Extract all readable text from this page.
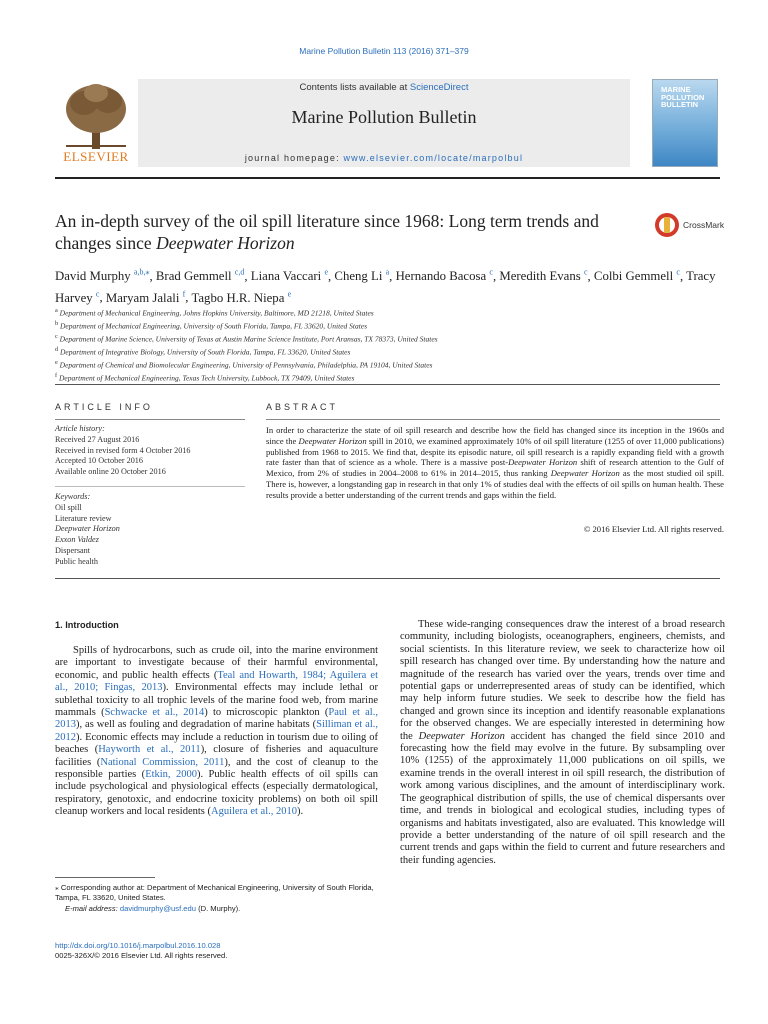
Marine Pollution Bulletin 113 (2016) 371–379
ELSEVIER
Contents lists available at ScienceDirect
Marine Pollution Bulletin
journal homepage: www.elsevier.com/locate/marpolbul
MARINE
POLLUTION
BULLETIN
An in-depth survey of the oil spill literature since 1968: Long term trends and changes since Deepwater Horizon
CrossMark
David Murphy $^{a,b,⁎}$, Brad Gemmell $^{c,d}$, Liana Vaccari $^e$, Cheng Li $^a$, Hernando Bacosa $^c$, Meredith Evans $^c$, Colbi Gemmell $^c$, Tracy Harvey $^c$, Maryam Jalali $^f$, Tagbo H.R. Niepa $^e$
$^a$ Department of Mechanical Engineering, Johns Hopkins University, Baltimore, MD 21218, United States
$^b$ Department of Mechanical Engineering, University of South Florida, Tampa, FL 33620, United States
$^c$ Department of Marine Science, University of Texas at Austin Marine Science Institute, Port Aransas, TX 78373, United States
$^d$ Department of Integrative Biology, University of South Florida, Tampa, FL 33620, United States
$^e$ Department of Chemical and Biomolecular Engineering, University of Pennsylvania, Philadelphia, PA 19104, United States
$^f$ Department of Mechanical Engineering, Texas Tech University, Lubbock, TX 79409, United States
ARTICLE INFO	ABSTRACT
Article history:
Received 27 August 2016
Received in revised form 4 October 2016
Accepted 10 October 2016
Available online 20 October 2016
Keywords:
Oil spill
Literature review
Deepwater Horizon
Exxon Valdez
Dispersant
Public health
In order to characterize the state of oil spill research and describe how the field has changed since its inception in the 1960s and since the Deepwater Horizon spill in 2010, we examined approximately 10% of oil spill literature (1255 of over 11,000 publications) published from 1968 to 2015. We find that, despite its episodic nature, oil spill research is a rapidly expanding field with a growth rate faster than that of science as a whole. There is a massive post-Deepwater Horizon shift of research attention to the Gulf of Mexico, from 2% of studies in 2004–2008 to 61% in 2014–2015, thus ranking Deepwater Horizon as the most studied oil spill. There is, however, a longstanding gap in research in that only 1% of studies deal with the effects of oil spills on human health. These results provide a better understanding of the current trends and gaps within the field.
© 2016 Elsevier Ltd. All rights reserved.
1. Introduction
Spills of hydrocarbons, such as crude oil, into the marine environment are important to investigate because of their harmful environmental, economic, and public health effects (Teal and Howarth, 1984; Aguilera et al., 2010; Fingas, 2013). Environmental effects may include lethal or sublethal toxicity to all trophic levels of the marine food web, from marine mammals (Schwacke et al., 2014) to microscopic plankton (Paul et al., 2013), as well as fouling and degradation of marine habitats (Silliman et al., 2012). Economic effects may include a reduction in tourism due to oiling of beaches (Hayworth et al., 2011), closure of fisheries and aquaculture facilities (National Commission, 2011), and the cost of cleanup to the responsible parties (Etkin, 2000). Public health effects of oil spills can include psychological and physiological effects (especially dermatological, respiratory, genotoxic, and endocrine toxicity problems) on both oil spill cleanup workers and local residents (Aguilera et al., 2010).
These wide-ranging consequences draw the interest of a broad research community, including biologists, oceanographers, engineers, chemists, and social scientists. In this literature review, we seek to characterize how oil spill research has changed over time. By understanding how the nature and magnitude of the research has varied over the years, trends over time and potential gaps or underrepresented areas of study can be identified, which may help inform future studies. We seek to describe how the field has changed and grown since its inception and identify reasonable explanations for the observed changes. We are especially interested in determining how the Deepwater Horizon accident has changed the field since 2010 and forecasting how the field may evolve in the future. By subsampling over 10% (1255) of the approximately 11,000 publications on oil spills, we examine trends in the overall interest in oil spill research, the distribution of work among various disciplines, and the amount of interdisciplinary work. The geographical distribution of spills, the use of chemical dispersants over time, and trends in biological and ecological studies, including types of organisms and habitats investigated, also are evaluated. This knowledge will provide a better understanding of the nature of oil spill research and the current trends and gaps within the field to current and future researchers and their funding agencies.
⁎ Corresponding author at: Department of Mechanical Engineering, University of South Florida, Tampa, FL 33620, United States.
E-mail address: davidmurphy@usf.edu (D. Murphy).
http://dx.doi.org/10.1016/j.marpolbul.2016.10.028
0025-326X/© 2016 Elsevier Ltd. All rights reserved.
